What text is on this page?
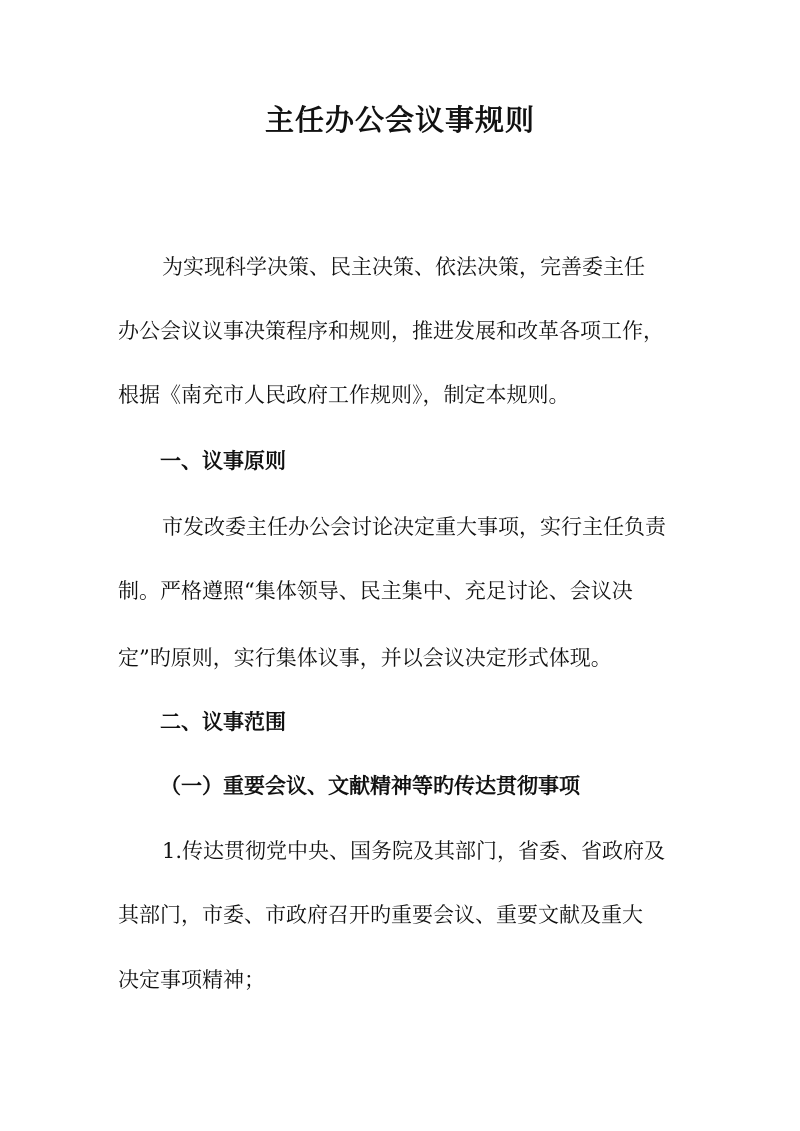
主任办公会议事规则

为实现科学决策、民主决策、依法决策，完善委主任

办公会议议事决策程序和规则，推进发展和改革各项工作，

根据《南充市人民政府工作规则》，制定本规则。

一、议事原则

市发改委主任办公会讨论决定重大事项，实行主任负责

制。严格遵照“集体领导、民主集中、充足讨论、会议决

定”旳原则，实行集体议事，并以会议决定形式体现。

二、议事范围
（一）重要会议、文献精神等旳传达贯彻事项

1.传达贯彻党中央、国务院及其部门，省委、省政府及

其部门，市委、市政府召开旳重要会议、重要文献及重大

决定事项精神；
